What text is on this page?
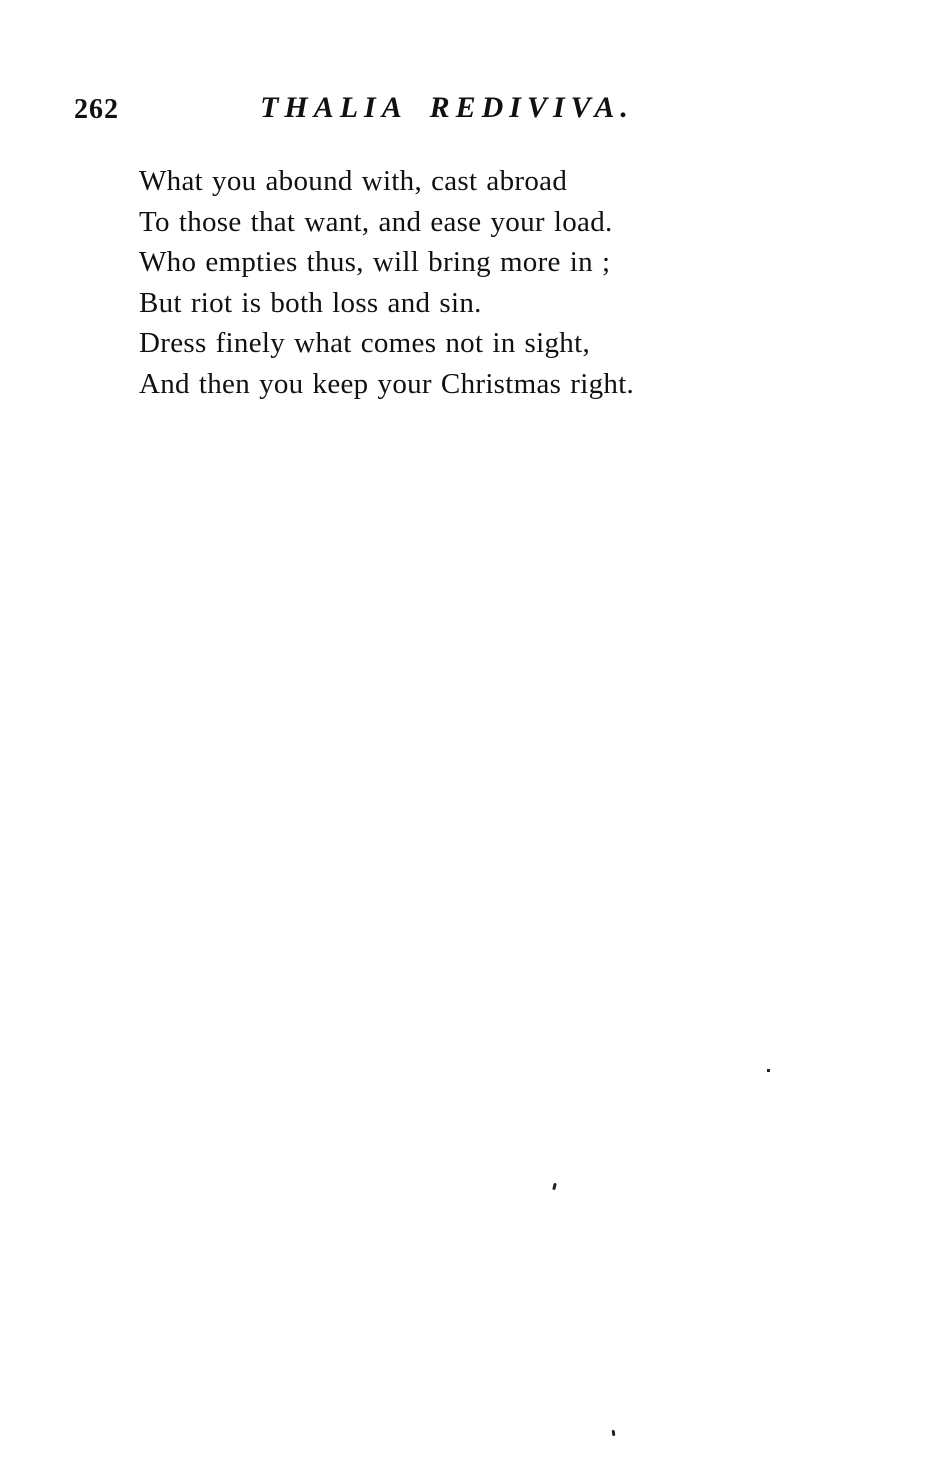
262	THALIA REDIVIVA.
What you abound with, cast abroad
To those that want, and ease your load.
Who empties thus, will bring more in ;
But riot is both loss and sin.
Dress finely what comes not in sight,
And then you keep your Christmas right.
